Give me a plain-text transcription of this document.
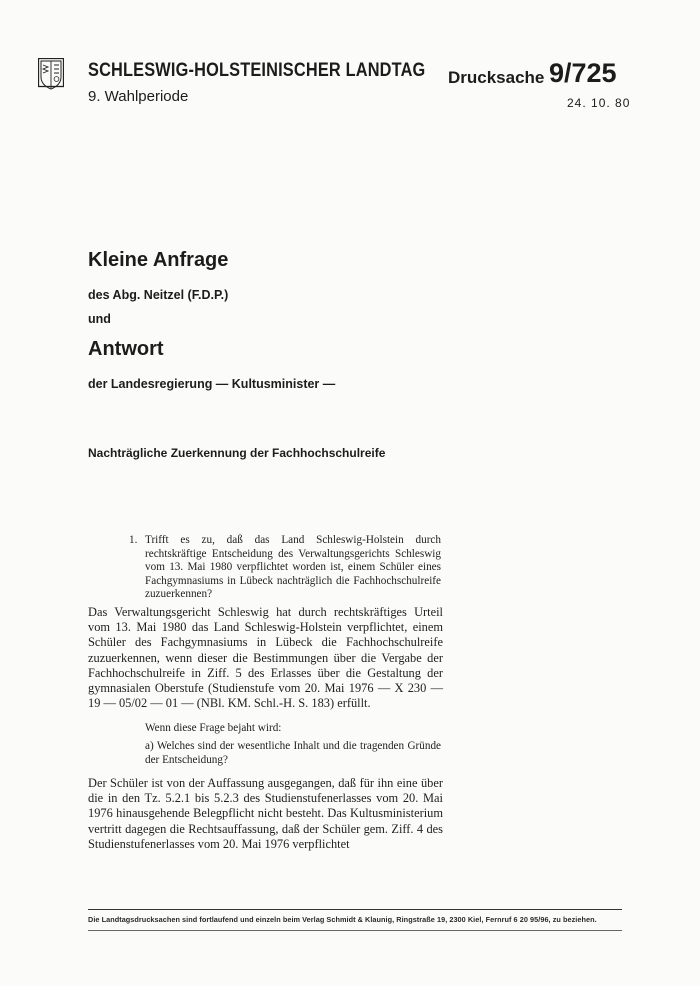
SCHLESWIG-HOLSTEINISCHER LANDTAG
9. Wahlperiode
Drucksache 9/725
24. 10. 80
Kleine Anfrage
des Abg. Neitzel (F.D.P.)
und
Antwort
der Landesregierung — Kultusminister —
Nachträgliche Zuerkennung der Fachhochschulreife
1. Trifft es zu, daß das Land Schleswig-Holstein durch rechtskräftige Entscheidung des Verwaltungsgerichts Schleswig vom 13. Mai 1980 verpflichtet worden ist, einem Schüler eines Fachgymnasiums in Lübeck nachträglich die Fachhochschulreife zuzuerkennen?
Das Verwaltungsgericht Schleswig hat durch rechtskräftiges Urteil vom 13. Mai 1980 das Land Schleswig-Holstein verpflichtet, einem Schüler des Fachgymnasiums in Lübeck die Fachhochschulreife zuzuerkennen, wenn dieser die Bestimmungen über die Vergabe der Fachhochschulreife in Ziff. 5 des Erlasses über die Gestaltung der gymnasialen Oberstufe (Studienstufe vom 20. Mai 1976 — X 230 — 19 — 05/02 — 01 — (NBl. KM. Schl.-H. S. 183) erfüllt.
Wenn diese Frage bejaht wird:
a) Welches sind der wesentliche Inhalt und die tragenden Gründe der Entscheidung?
Der Schüler ist von der Auffassung ausgegangen, daß für ihn eine über die in den Tz. 5.2.1 bis 5.2.3 des Studienstufenerlasses vom 20. Mai 1976 hinausgehende Belegpflicht nicht besteht. Das Kultusministerium vertritt dagegen die Rechtsauffassung, daß der Schüler gem. Ziff. 4 des Studienstufenerlasses vom 20. Mai 1976 verpflichtet
Die Landtagsdrucksachen sind fortlaufend und einzeln beim Verlag Schmidt & Klaunig, Ringstraße 19, 2300 Kiel, Fernruf 6 20 95/96, zu beziehen.
